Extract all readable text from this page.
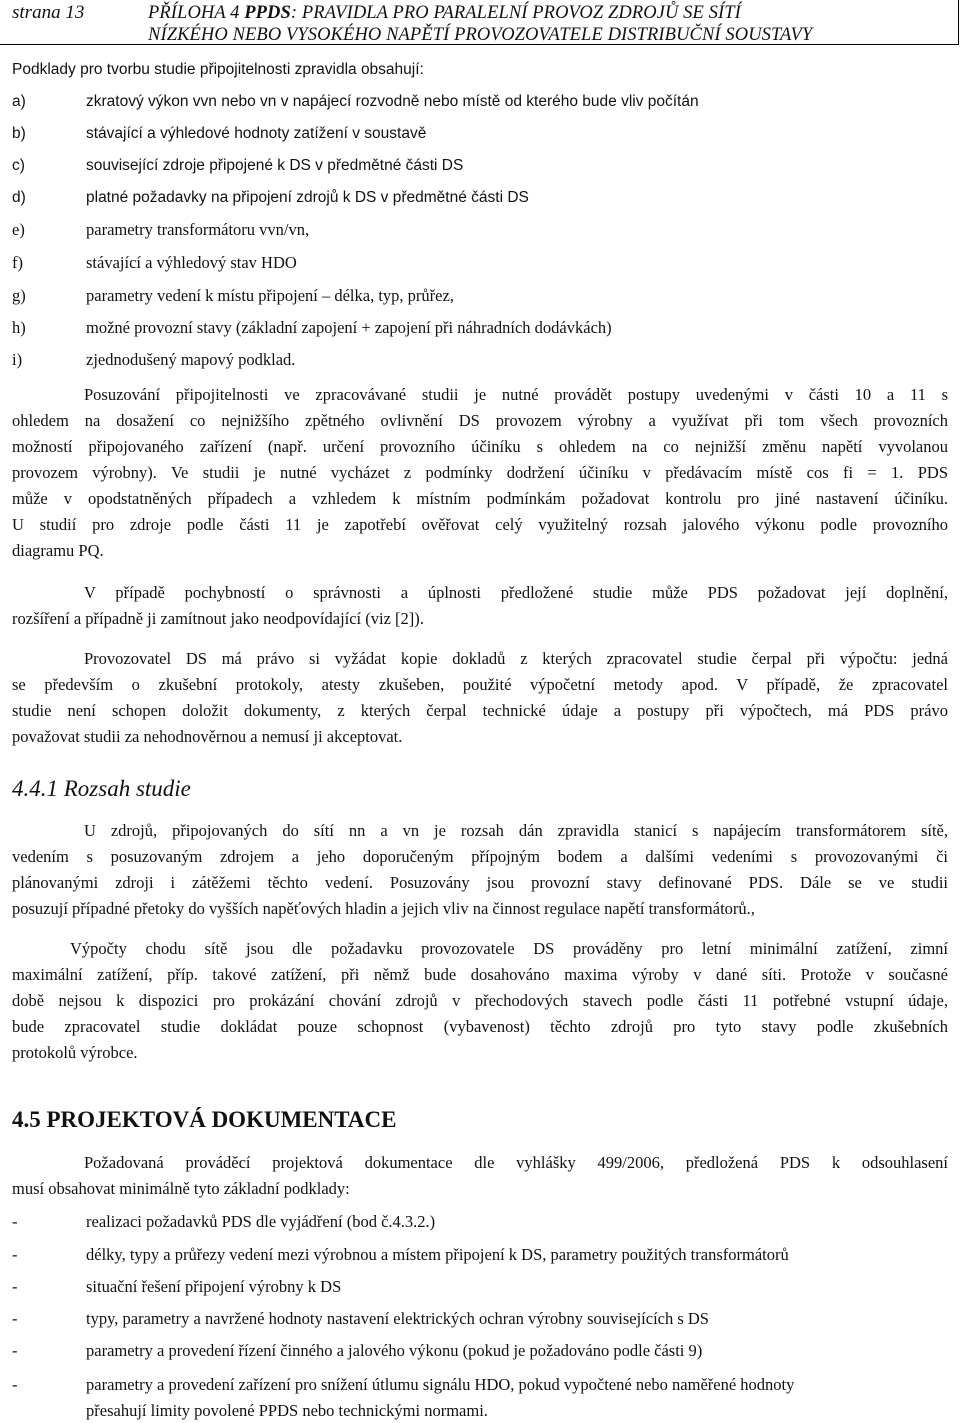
strana 13	PŘÍLOHA 4 PPDS: PRAVIDLA PRO PARALELNÍ PROVOZ ZDROJŮ SE SÍTÍ
NÍZKÉHO NEBO VYSOKÉHO NAPĚTÍ PROVOZOVATELE DISTRIBUČNÍ SOUSTAVY
Podklady pro tvorbu studie připojitelnosti zpravidla obsahují:
a)	zkratový výkon vvn nebo vn v napájecí rozvodně nebo místě od kterého bude vliv počítán
b)	stávající a výhledové hodnoty zatížení v soustavě
c)	související zdroje připojené k DS v předmětné části DS
d)	platné požadavky na připojení zdrojů k DS v předmětné části DS
e)	parametry transformátoru vvn/vn,
f)	stávající a výhledový stav HDO
g)	parametry vedení k místu připojení – délka, typ, průřez,
h)	možné provozní stavy (základní zapojení + zapojení při náhradních dodávkách)
i)	zjednodušený mapový podklad.
Posuzování připojitelnosti ve zpracovávané studii je nutné provádět postupy uvedenými v části 10 a 11 s
ohledem na dosažení co nejnižšího zpětného ovlivnění DS provozem výrobny a využívat při tom všech provozních
možností připojovaného zařízení (např. určení provozního účiníku s ohledem na co nejnižší změnu napětí vyvolanou
provozem výrobny). Ve studii je nutné vycházet z podmínky dodržení účiníku v předávacím místě cos fi = 1. PDS
může v opodstatněných případech a vzhledem k místním podmínkám požadovat kontrolu pro jiné nastavení účiníku.
U studií pro zdroje podle části 11 je zapotřebí ověřovat celý využitelný rozsah jalového výkonu podle provozního
diagramu PQ.
V případě pochybností o správnosti a úplnosti předložené studie může PDS požadovat její doplnění,
rozšíření a případně ji zamítnout jako neodpovídající (viz [2]).
Provozovatel DS má právo si vyžádat kopie dokladů z kterých zpracovatel studie čerpal při výpočtu: jedná
se především o zkušební protokoly, atesty zkušeben, použité výpočetní metody apod. V případě, že zpracovatel
studie není schopen doložit dokumenty, z kterých čerpal technické údaje a postupy při výpočtech, má PDS právo
považovat studii za nehodnověrnou a nemusí ji akceptovat.
4.4.1 Rozsah studie
U zdrojů, připojovaných do sítí nn a vn je rozsah dán zpravidla stanicí s napájecím transformátorem sítě,
vedením s posuzovaným zdrojem a jeho doporučeným přípojným bodem a dalšími vedeními s provozovanými či
plánovanými zdroji i zátěžemi těchto vedení. Posuzovány jsou provozní stavy definované PDS. Dále se ve studii
posuzují případné přetoky do vyšších napěťových hladin a jejich vliv na činnost regulace napětí transformátorů.,
Výpočty chodu sítě jsou dle požadavku provozovatele DS prováděny pro letní minimální zatížení, zimní
maximální zatížení, příp. takové zatížení, při němž bude dosahováno maxima výroby v dané síti. Protože v současné
době nejsou k dispozici pro prokázání chování zdrojů v přechodových stavech podle části 11 potřebné vstupní údaje,
bude zpracovatel studie dokládat pouze schopnost (vybavenost) těchto zdrojů pro tyto stavy podle zkušebních
protokolů výrobce.
4.5 PROJEKTOVÁ DOKUMENTACE
Požadovaná prováděcí projektová dokumentace dle vyhlášky 499/2006, předložená PDS k odsouhlasení
musí obsahovat minimálně tyto základní podklady:
-	realizaci požadavků PDS dle vyjádření (bod č.4.3.2.)
-	délky, typy a průřezy vedení mezi výrobnou a místem připojení k DS, parametry použitých transformátorů
-	situační řešení připojení výrobny k DS
-	typy, parametry a navržené hodnoty nastavení elektrických ochran výrobny souvisejících s DS
-	parametry a provedení řízení činného a jalového výkonu (pokud je požadováno podle části 9)
-	parametry a provedení zařízení pro snížení útlumu signálu HDO, pokud vypočtené nebo naměřené hodnoty
přesahují limity povolené PPDS nebo technickými normami.
